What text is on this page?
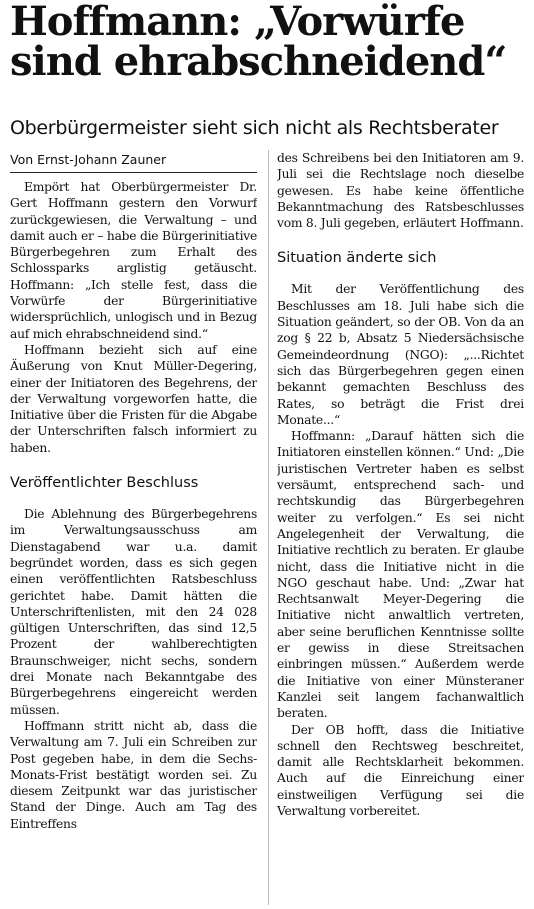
Hoffmann: „Vorwürfe
sind ehrabschneidend“
Oberbürgermeister sieht sich nicht als Rechtsberater
Von Ernst-Johann Zauner

Empört hat Oberbürgermeister Dr. Gert Hoffmann gestern den Vorwurf zurückgewiesen, die Verwaltung – und damit auch er – habe die Bürgerinitiative Bürgerbegehren zum Erhalt des Schlossparks arglistig getäuscht. Hoffmann: „Ich stelle fest, dass die Vorwürfe der Bürgerinitiative widersprüchlich, unlogisch und in Bezug auf mich ehrabschneidend sind.“

Hoffmann bezieht sich auf eine Äußerung von Knut Müller-Degering, einer der Initiatoren des Begehrens, der der Verwaltung vorgeworfen hatte, die Initiative über die Fristen für die Abgabe der Unterschriften falsch informiert zu haben.

Veröffentlichter Beschluss

Die Ablehnung des Bürgerbegehrens im Verwaltungsausschuss am Dienstagabend war u.a. damit begründet worden, dass es sich gegen einen veröffentlichten Ratsbeschluss gerichtet habe. Damit hätten die Unterschriftenlisten, mit den 24 028 gültigen Unterschriften, das sind 12,5 Prozent der wahlberechtigten Braunschweiger, nicht sechs, sondern drei Monate nach Bekanntgabe des Bürgerbegehrens eingereicht werden müssen.

Hoffmann stritt nicht ab, dass die Verwaltung am 7. Juli ein Schreiben zur Post gegeben habe, in dem die Sechs-Monats-Frist bestätigt worden sei. Zu diesem Zeitpunkt war das juristischer Stand der Dinge. Auch am Tag des Eintreffens

des Schreibens bei den Initiatoren am 9. Juli sei die Rechtslage noch dieselbe gewesen. Es habe keine öffentliche Bekanntmachung des Ratsbeschlusses vom 8. Juli gegeben, erläutert Hoffmann.

Situation änderte sich

Mit der Veröffentlichung des Beschlusses am 18. Juli habe sich die Situation geändert, so der OB. Von da an zog § 22 b, Absatz 5 Niedersächsische Gemeindeordnung (NGO): „...Richtet sich das Bürgerbegehren gegen einen bekannt gemachten Beschluss des Rates, so beträgt die Frist drei Monate...“

Hoffmann: „Darauf hätten sich die Initiatoren einstellen können.“ Und: „Die juristischen Vertreter haben es selbst versäumt, entsprechend sach- und rechtskundig das Bürgerbegehren weiter zu verfolgen.“ Es sei nicht Angelegenheit der Verwaltung, die Initiative rechtlich zu beraten. Er glaube nicht, dass die Initiative nicht in die NGO geschaut habe. Und: „Zwar hat Rechtsanwalt Meyer-Degering die Initiative nicht anwaltlich vertreten, aber seine beruflichen Kenntnisse sollte er gewiss in diese Streitsachen einbringen müssen.“ Außerdem werde die Initiative von einer Münsteraner Kanzlei seit langem fachanwaltlich beraten.

Der OB hofft, dass die Initiative schnell den Rechtsweg beschreitet, damit alle Rechtsklarheit bekommen. Auch auf die Einreichung einer einstweiligen Verfügung sei die Verwaltung vorbereitet.
